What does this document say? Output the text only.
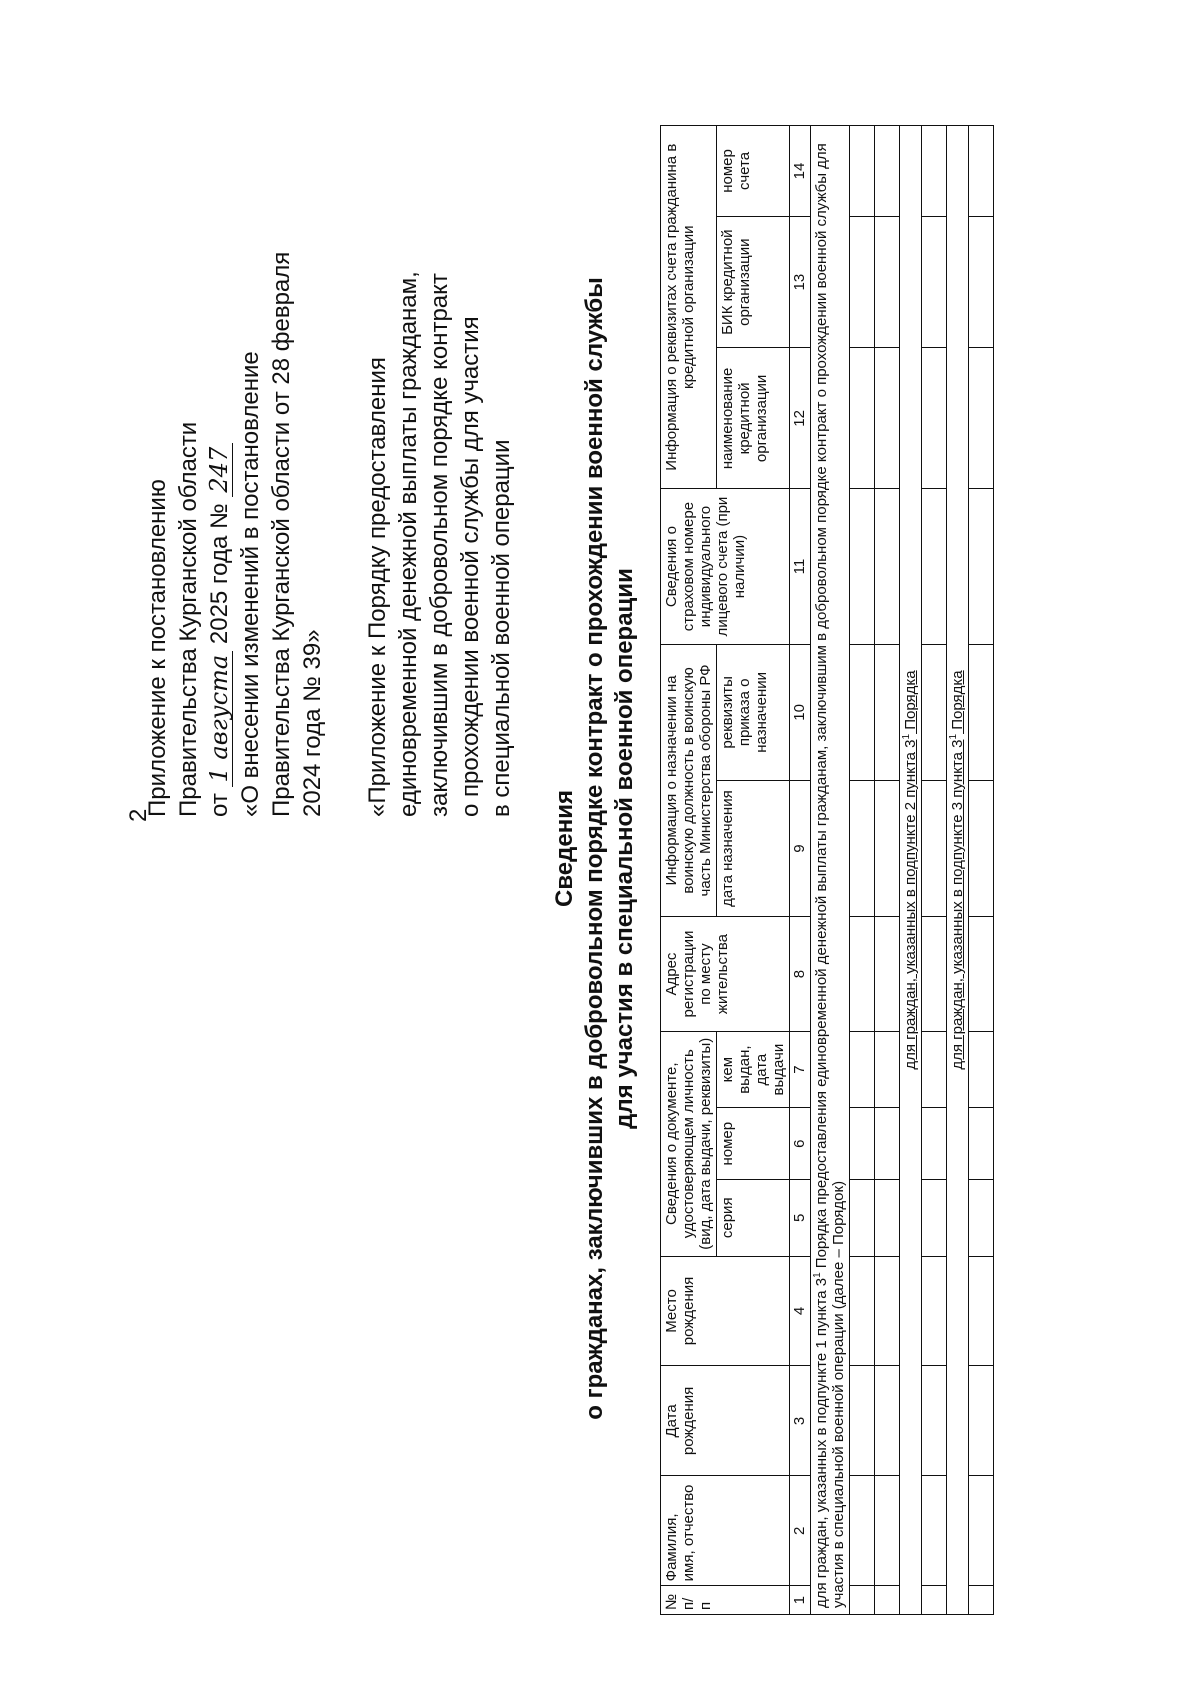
2
Приложение к постановлению Правительства Курганской области от 1 августа 2025 года № 247 «О внесении изменений в постановление Правительства Курганской области от 28 февраля 2024 года № 39» «Приложение к Порядку предоставления единовременной денежной выплаты гражданам, заключившим в добровольном порядке контракт о прохождении военной службы для участия в специальной военной операции
Сведения о гражданах, заключивших в добровольном порядке контракт о прохождении военной службы для участия в специальной военной операции
№ п/п	Фамилия, имя, отчество	Дата рождения	Место рождения	Сведения о документе, удостоверяющем личность (вид, дата выдачи, реквизиты)			Адрес регистрации по месту жительства	Информация о назначении на воинскую должность в воинскую часть Министерства обороны РФ		Сведения о страховом номере индивидуального лицевого счета (при наличии)	Информация о реквизитах счета гражданина в кредитной организации		
				серия	номер	кем выдан, дата выдачи		дата назначения	реквизиты приказа о назначении		наименование кредитной организации	БИК кредитной организации	номер счета
1	2	3	4	5	6	7	8	9	10	11	12	13	14
для граждан, указанных в подпункте 1 пункта $3^1$ Порядка предоставления единовременной денежной выплаты гражданам, заключившим в добровольном порядке контракт о прохождении военной службы для участия в специальной военной операции (далее – Порядок)													

для граждан, указанных в подпункте 2 пункта $3^1$ Порядка													

для граждан, указанных в подпункте 3 пункта $3^1$ Порядка													
